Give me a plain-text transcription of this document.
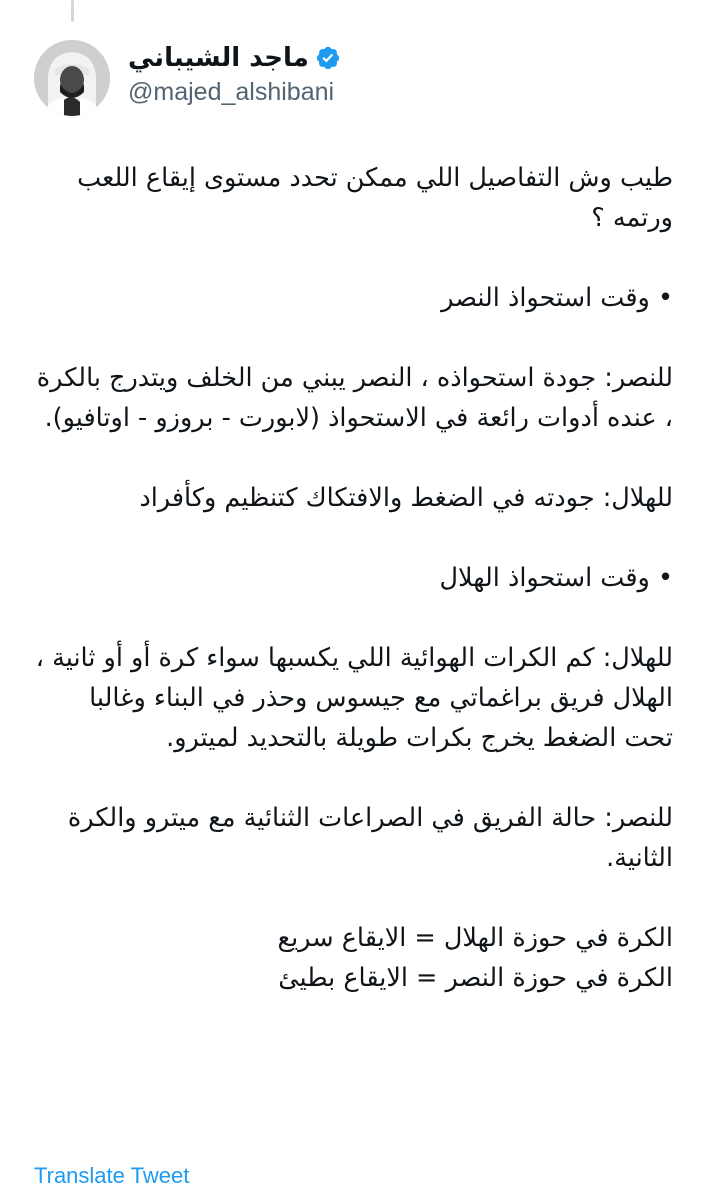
ماجد الشيباني
@majed_alshibani

طيب وش التفاصيل اللي ممكن تحدد مستوى إيقاع اللعب ورتمه ؟

• وقت استحواذ النصر

للنصر: جودة استحواذه ، النصر يبني من الخلف ويتدرج بالكرة ، عنده أدوات رائعة في الاستحواذ (لابورت - بروزو - اوتافيو).

للهلال: جودته في الضغط والافتكاك كتنظيم وكأفراد

• وقت استحواذ الهلال

للهلال: كم الكرات الهوائية اللي يكسبها سواء كرة أو أو ثانية ، الهلال فريق براغماتي مع جيسوس وحذر في البناء وغالبا تحت الضغط يخرج بكرات طويلة بالتحديد لميترو.

للنصر: حالة الفريق في الصراعات الثنائية مع ميترو والكرة الثانية.

الكرة في حوزة الهلال = الايقاع سريع
الكرة في حوزة النصر = الايقاع بطيئ

Translate Tweet
